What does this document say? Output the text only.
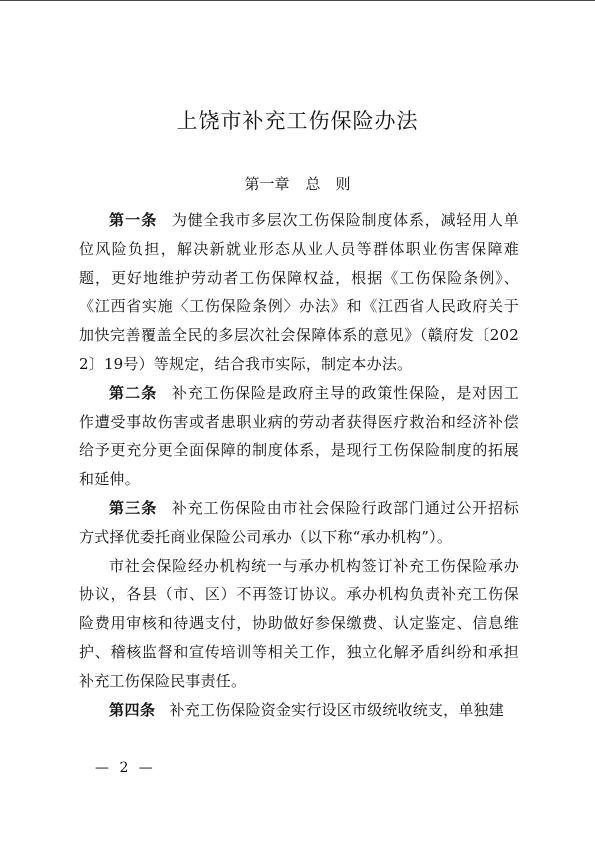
上饶市补充工伤保险办法
第一章 总　则

第一条 为健全我市多层次工伤保险制度体系，减轻用人单位风险负担，解决新就业形态从业人员等群体职业伤害保障难题，更好地维护劳动者工伤保障权益，根据《工伤保险条例》、《江西省实施〈工伤保险条例〉办法》和《江西省人民政府关于加快完善覆盖全民的多层次社会保障体系的意见》（赣府发〔2022〕19号）等规定，结合我市实际，制定本办法。

第二条 补充工伤保险是政府主导的政策性保险，是对因工作遭受事故伤害或者患职业病的劳动者获得医疗救治和经济补偿给予更充分更全面保障的制度体系，是现行工伤保险制度的拓展和延伸。

第三条 补充工伤保险由市社会保险行政部门通过公开招标方式择优委托商业保险公司承办（以下称“承办机构”）。

市社会保险经办机构统一与承办机构签订补充工伤保险承办协议，各县（市、区）不再签订协议。承办机构负责补充工伤保险费用审核和待遇支付，协助做好参保缴费、认定鉴定、信息维护、稽核监督和宣传培训等相关工作，独立化解矛盾纠纷和承担补充工伤保险民事责任。

第四条 补充工伤保险资金实行设区市级统收统支，单独建

— 2 —
